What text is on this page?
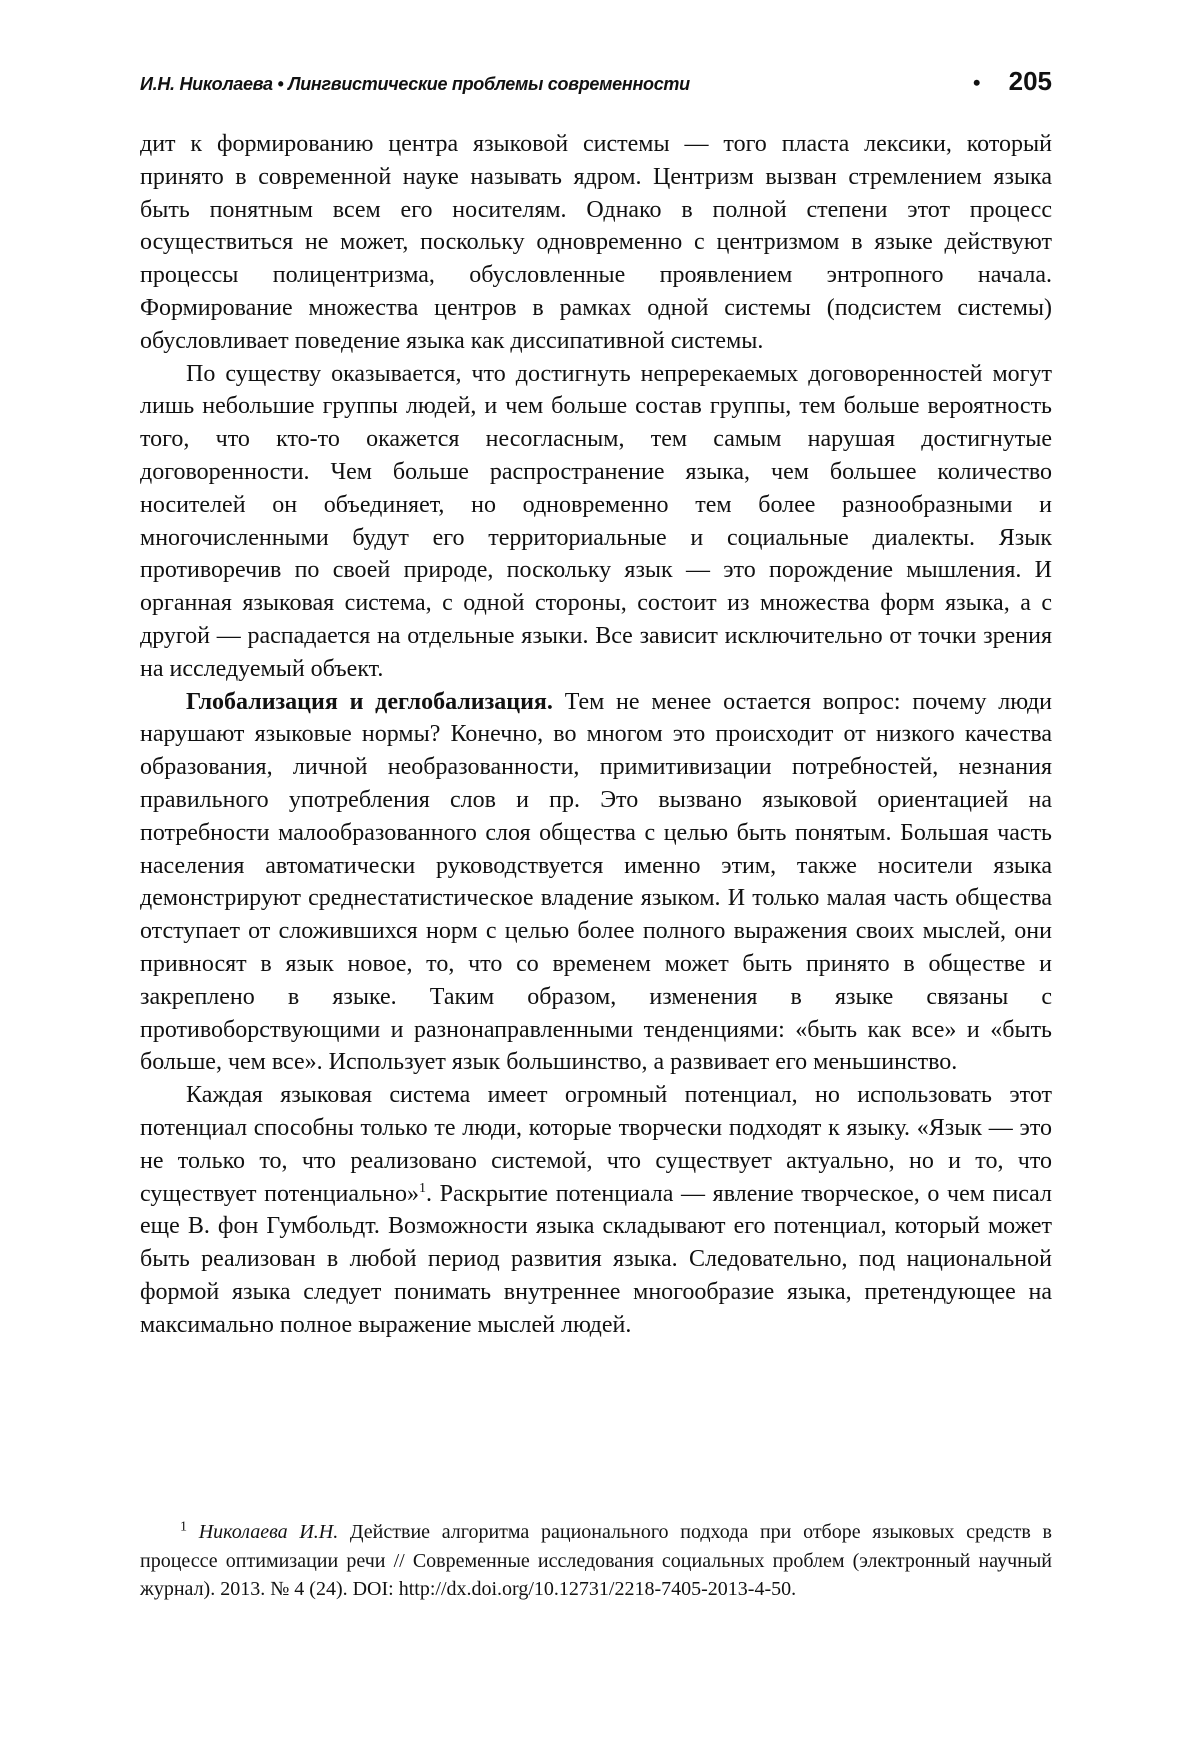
И.Н. Николаева • Лингвистические проблемы современности	• 205

дит к формированию центра языковой системы — того пласта лексики, который принято в современной науке называть ядром. Центризм вызван стремлением языка быть понятным всем его носителям. Однако в полной степени этот процесс осуществиться не может, поскольку одновременно с центризмом в языке действуют процессы полицентризма, обусловленные проявлением энтропного начала. Формирование множества центров в рамках одной системы (подсистем системы) обусловливает поведение языка как диссипативной системы.

По существу оказывается, что достигнуть непререкаемых договоренностей могут лишь небольшие группы людей, и чем больше состав группы, тем больше вероятность того, что кто-то окажется несогласным, тем самым нарушая достигнутые договоренности. Чем больше распространение языка, чем большее количество носителей он объединяет, но одновременно тем более разнообразными и многочисленными будут его территориальные и социальные диалекты. Язык противоречив по своей природе, поскольку язык — это порождение мышления. И органная языковая система, с одной стороны, состоит из множества форм языка, а с другой — распадается на отдельные языки. Все зависит исключительно от точки зрения на исследуемый объект.

Глобализация и деглобализация. Тем не менее остается вопрос: почему люди нарушают языковые нормы? Конечно, во многом это происходит от низкого качества образования, личной необразованности, примитивизации потребностей, незнания правильного употребления слов и пр. Это вызвано языковой ориентацией на потребности малообразованного слоя общества с целью быть понятым. Большая часть населения автоматически руководствуется именно этим, также носители языка демонстрируют среднестатистическое владение языком. И только малая часть общества отступает от сложившихся норм с целью более полного выражения своих мыслей, они привносят в язык новое, то, что со временем может быть принято в обществе и закреплено в языке. Таким образом, изменения в языке связаны с противоборствующими и разнонаправленными тенденциями: «быть как все» и «быть больше, чем все». Использует язык большинство, а развивает его меньшинство.

Каждая языковая система имеет огромный потенциал, но использовать этот потенциал способны только те люди, которые творчески подходят к языку. «Язык — это не только то, что реализовано системой, что существует актуально, но и то, что существует потенциально»$^1$. Раскрытие потенциала — явление творческое, о чем писал еще В. фон Гумбольдт. Возможности языка складывают его потенциал, который может быть реализован в любой период развития языка. Следовательно, под национальной формой языка следует понимать внутреннее многообразие языка, претендующее на максимально полное выражение мыслей людей.

$^1$ Николаева И.Н. Действие алгоритма рационального подхода при отборе языковых средств в процессе оптимизации речи // Современные исследования социальных проблем (электронный научный журнал). 2013. № 4 (24). DOI: http://dx.doi.org/10.12731/2218-7405-2013-4-50.
